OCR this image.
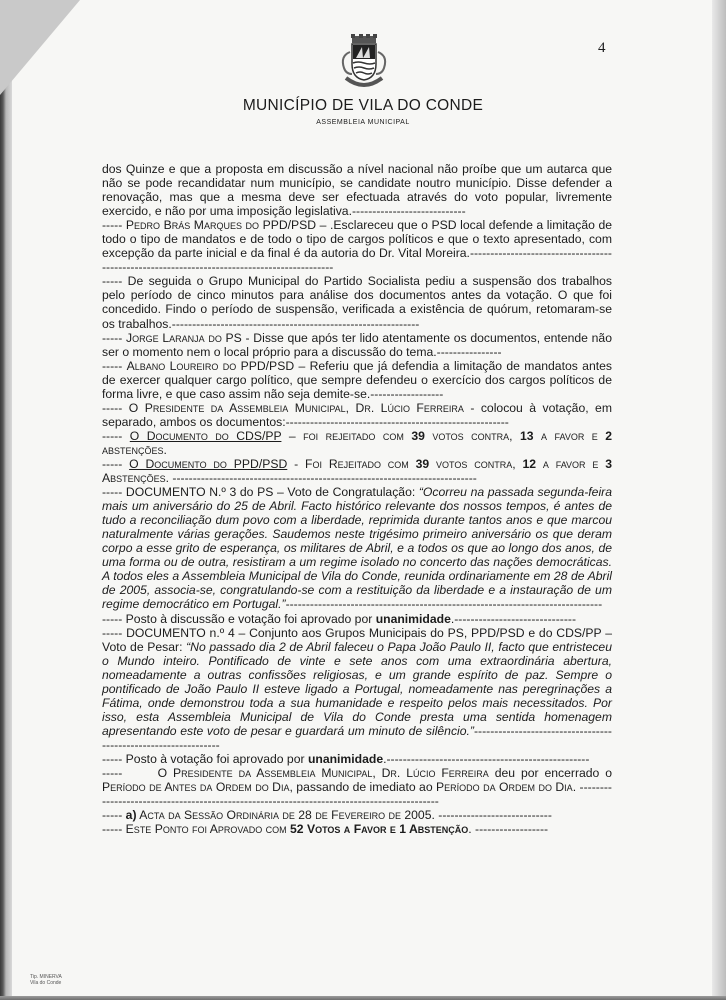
4
MUNICÍPIO DE VILA DO CONDE
ASSEMBLEIA MUNICIPAL

dos Quinze e que a proposta em discussão a nível nacional não proíbe que um autarca que não se pode recandidatar num município, se candidate noutro município. Disse defender a renovação, mas que a mesma deve ser efectuada através do voto popular, livremente exercido, e não por uma imposição legislativa.----------------------------

----- Pedro Brás Marques do PPD/PSD – .Esclareceu que o PSD local defende a limitação de todo o tipo de mandatos e de todo o tipo de cargos políticos e que o texto apresentado, com excepção da parte inicial e da final é da autoria do Dr. Vital Moreira.--------------------------------------------------------------------------------------------

----- De seguida o Grupo Municipal do Partido Socialista pediu a suspensão dos trabalhos pelo período de cinco minutos para análise dos documentos antes da votação. O que foi concedido. Findo o período de suspensão, verificada a existência de quórum, retomaram-se os trabalhos.-------------------------------------------------------------

----- Jorge Laranja do PS - Disse que após ter lido atentamente os documentos, entende não ser o momento nem o local próprio para a discussão do tema.----------------

----- Albano Loureiro do PPD/PSD – Referiu que já defendia a limitação de mandatos antes de exercer qualquer cargo político, que sempre defendeu o exercício dos cargos políticos de forma livre, e que caso assim não seja demite-se.------------------

----- O Presidente da Assembleia Municipal, Dr. Lúcio Ferreira - colocou à votação, em separado, ambos os documentos:-------------------------------------------------------

----- O Documento do CDS/PP – foi rejeitado com 39 votos contra, 13 a favor e 2 abstenções.

----- O Documento do PPD/PSD - Foi Rejeitado com 39 votos contra, 12 a favor e 3 Abstenções. ---------------------------------------------------------------------------

----- DOCUMENTO N.º 3 do PS – Voto de Congratulação: “Ocorreu na passada segunda-feira mais um aniversário do 25 de Abril. Facto histórico relevante dos nossos tempos, é antes de tudo a reconciliação dum povo com a liberdade, reprimida durante tantos anos e que marcou naturalmente várias gerações. Saudemos neste trigésimo primeiro aniversário os que deram corpo a esse grito de esperança, os militares de Abril, e a todos os que ao longo dos anos, de uma forma ou de outra, resistiram a um regime isolado no concerto das nações democráticas. A todos eles a Assembleia Municipal de Vila do Conde, reunida ordinariamente em 28 de Abril de 2005, associa-se, congratulando-se com a restituição da liberdade e a instauração de um regime democrático em Portugal.”------------------------------------------------------------------------------

----- Posto à discussão e votação foi aprovado por unanimidade.------------------------------

----- DOCUMENTO n.º 4 – Conjunto aos Grupos Municipais do PS, PPD/PSD e do CDS/PP – Voto de Pesar: “No passado dia 2 de Abril faleceu o Papa João Paulo II, facto que entristeceu o Mundo inteiro. Pontificado de vinte e sete anos com uma extraordinária abertura, nomeadamente a outras confissões religiosas, e um grande espírito de paz. Sempre o pontificado de João Paulo II esteve ligado a Portugal, nomeadamente nas peregrinações a Fátima, onde demonstrou toda a sua humanidade e respeito pelos mais necessitados. Por isso, esta Assembleia Municipal de Vila do Conde presta uma sentida homenagem apresentando este voto de pesar e guardará um minuto de silêncio.”---------------------------------------------------------------

----- Posto à votação foi aprovado por unanimidade.--------------------------------------------------

-----      O Presidente da Assembleia Municipal, Dr. Lúcio Ferreira deu por encerrado o Período de Antes da Ordem do Dia, passando de imediato ao Período da Ordem do Dia. -------------------------------------------------------------------------------------------

----- a) Acta da Sessão Ordinária de 28 de Fevereiro de 2005. ----------------------------

----- Este Ponto foi Aprovado com 52 Votos a Favor e 1 Abstenção. ------------------

Tip. MINERVA
Vila do Conde
